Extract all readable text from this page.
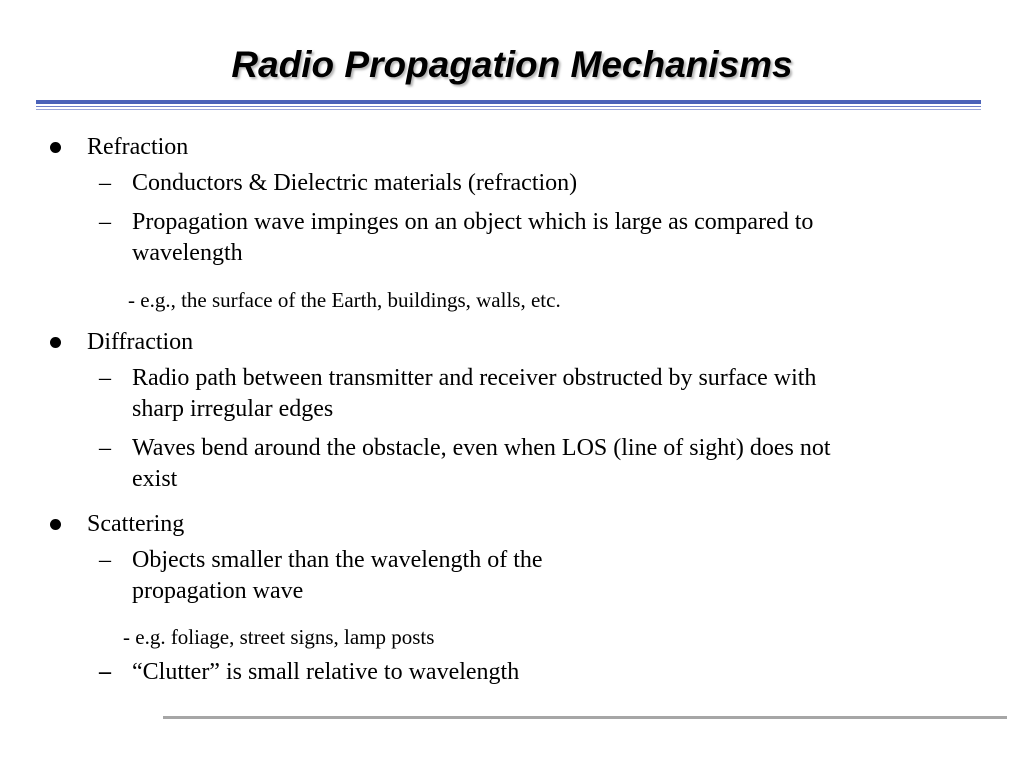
Radio Propagation Mechanisms
Refraction
– Conductors & Dielectric materials (refraction)
– Propagation wave impinges on an object which is large as compared to
wavelength
- e.g., the surface of the Earth, buildings, walls, etc.
Diffraction
– Radio path between transmitter and receiver obstructed by surface with
sharp irregular edges
– Waves bend around the obstacle, even when LOS (line of sight) does not
exist
Scattering
– Objects smaller than the wavelength of the
propagation wave
- e.g. foliage, street signs, lamp posts
– “Clutter” is small relative to wavelength
